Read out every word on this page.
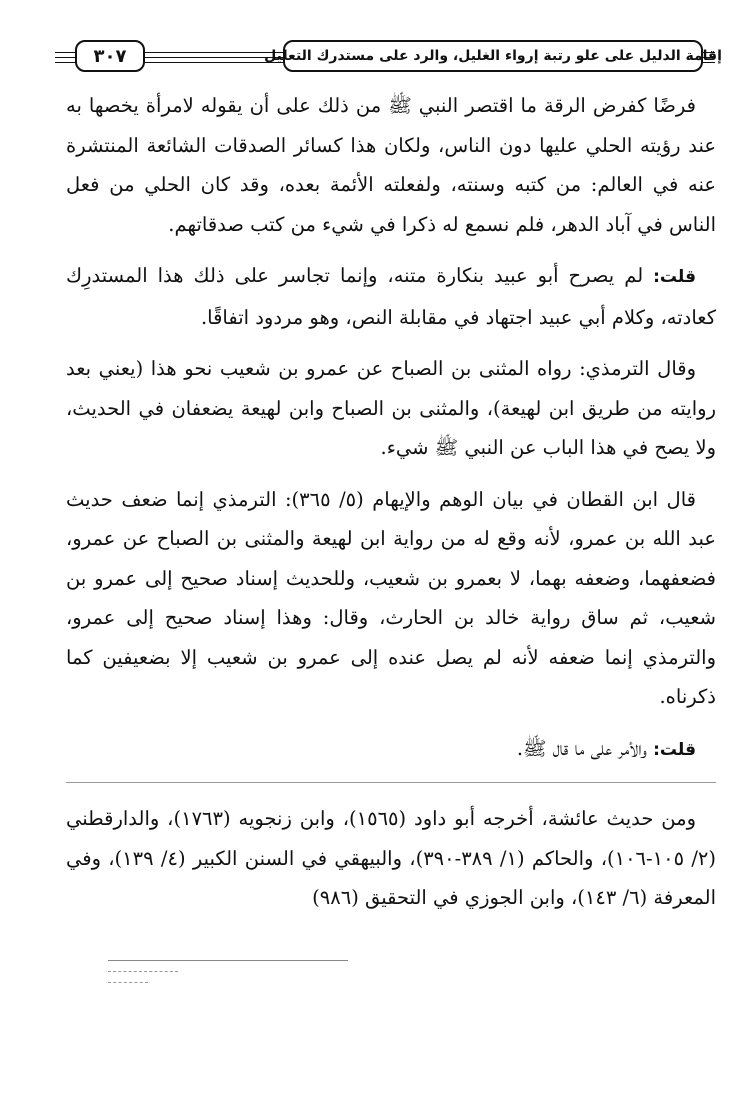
إقامة الدليل على علو رتبة إرواء الغليل، والرد على مستدرك التعليل
٣٠٧

فرضًا كفرض الرقة ما اقتصر النبي ﷺ من ذلك على أن يقوله لامرأة يخصها به عند رؤيته الحلي عليها دون الناس، ولكان هذا كسائر الصدقات الشائعة المنتشرة عنه في العالم: من كتبه وسنته، ولفعلته الأئمة بعده، وقد كان الحلي من فعل الناس في آباد الدهر، فلم نسمع له ذكرا في شيء من كتب صدقاتهم.

قلت: لم يصرح أبو عبيد بنكارة متنه، وإنما تجاسر على ذلك هذا المستدرِك كعادته، وكلام أبي عبيد اجتهاد في مقابلة النص، وهو مردود اتفاقًا.

وقال الترمذي: رواه المثنى بن الصباح عن عمرو بن شعيب نحو هذا (يعني بعد روايته من طريق ابن لهيعة)، والمثنى بن الصباح وابن لهيعة يضعفان في الحديث، ولا يصح في هذا الباب عن النبي ﷺ شيء.

قال ابن القطان في بيان الوهم والإيهام (٥/ ٣٦٥): الترمذي إنما ضعف حديث عبد الله بن عمرو، لأنه وقع له من رواية ابن لهيعة والمثنى بن الصباح عن عمرو، فضعفهما، وضعفه بهما، لا بعمرو بن شعيب، وللحديث إسناد صحيح إلى عمرو بن شعيب، ثم ساق رواية خالد بن الحارث، وقال: وهذا إسناد صحيح إلى عمرو، والترمذي إنما ضعفه لأنه لم يصل عنده إلى عمرو بن شعيب إلا بضعيفين كما ذكرناه.

قلت: والأمر على ما قال ﷺ.

ومن حديث عائشة، أخرجه أبو داود (١٥٦٥)، وابن زنجويه (١٧٦٣)، والدارقطني (٢/ ١٠٥-١٠٦)، والحاكم (١/ ٣٨٩-٣٩٠)، والبيهقي في السنن الكبير (٤/ ١٣٩)، وفي المعرفة (٦/ ١٤٣)، وابن الجوزي في التحقيق (٩٨٦)
